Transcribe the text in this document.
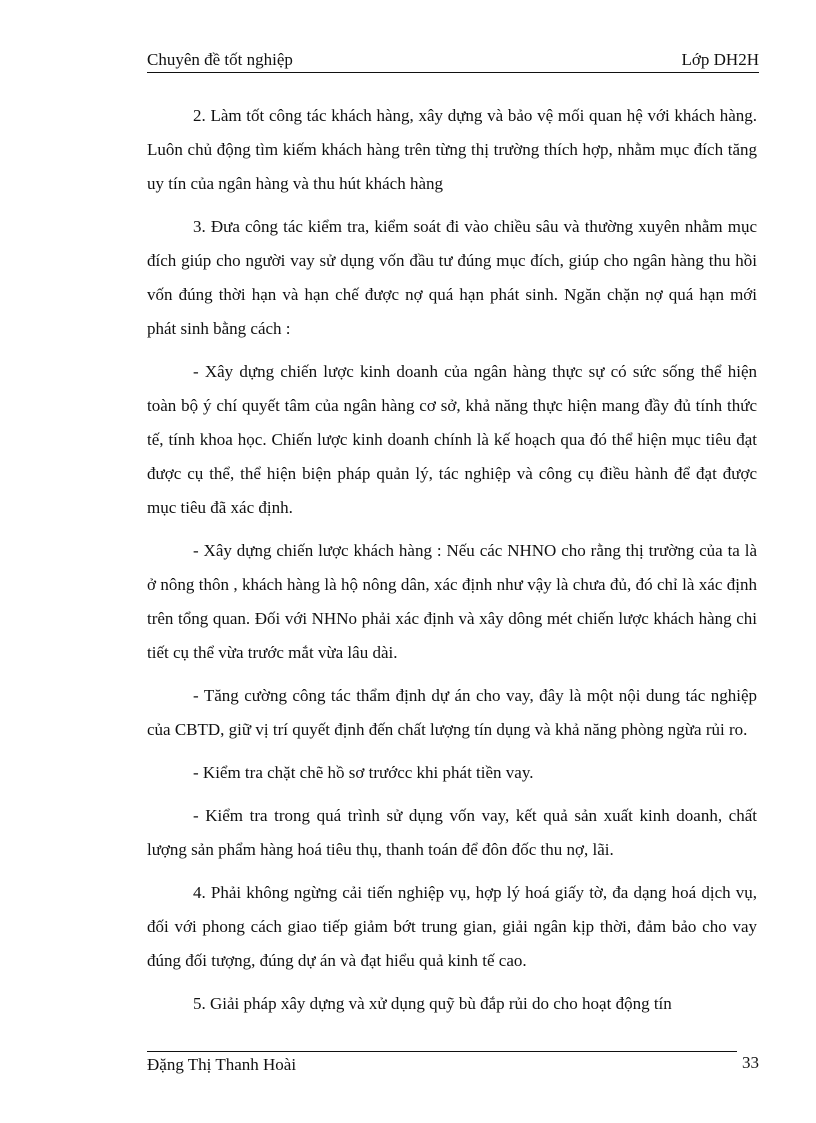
Chuyên đề tốt nghiệp	Lớp DH2H

2. Làm tốt công tác khách hàng, xây dựng và bảo vệ mối quan hệ với khách hàng. Luôn chủ động tìm kiếm khách hàng trên từng thị trường thích hợp, nhằm mục đích tăng uy tín của ngân hàng và thu hút khách hàng

3. Đưa công tác kiểm tra, kiểm soát đi vào chiều sâu và thường xuyên nhằm mục đích giúp cho người vay sử dụng vốn đầu tư đúng mục đích, giúp cho ngân hàng thu hồi vốn đúng thời hạn và hạn chế được nợ quá hạn phát sinh. Ngăn chặn nợ quá hạn mới phát sinh bằng cách :

- Xây dựng chiến lược kinh doanh của ngân hàng thực sự có sức sống thể hiện toàn bộ ý chí quyết tâm của ngân hàng cơ sở, khả năng thực hiện mang đầy đủ tính thức tế, tính khoa học. Chiến lược kinh doanh chính là kế hoạch qua đó thể hiện mục tiêu đạt được cụ thể, thể hiện biện pháp quản lý, tác nghiệp và công cụ điều hành để đạt được mục tiêu đã xác định.

- Xây dựng chiến lược khách hàng : Nếu các NHNO cho rằng thị trường của ta là ở nông thôn , khách hàng là hộ nông dân, xác định như vậy là chưa đủ, đó chỉ là xác định trên tổng quan. Đối với NHNo phải xác định và xây dông mét chiến lược khách hàng chi tiết cụ thể vừa trước mắt vừa lâu dài.

- Tăng cường công tác thẩm định dự án cho vay, đây là một nội dung tác nghiệp của CBTD, giữ vị trí quyết định đến chất lượng tín dụng và khả năng phòng ngừa rủi ro.

- Kiểm tra chặt chẽ hồ sơ trướcc khi phát tiền vay.

- Kiểm tra trong quá trình sử dụng vốn vay, kết quả sản xuất kinh doanh, chất lượng sản phẩm hàng hoá tiêu thụ, thanh toán để đôn đốc thu nợ, lãi.

4. Phải không ngừng cải tiến nghiệp vụ, hợp lý hoá giấy tờ, đa dạng hoá dịch vụ, đối với phong cách giao tiếp giảm bớt trung gian, giải ngân kịp thời, đảm bảo cho vay đúng đối tượng, đúng dự án và đạt hiểu quả kinh tế cao.

5. Giải pháp xây dựng và xử dụng quỹ bù đắp rủi do cho hoạt động tín

Đặng Thị Thanh Hoài	33
